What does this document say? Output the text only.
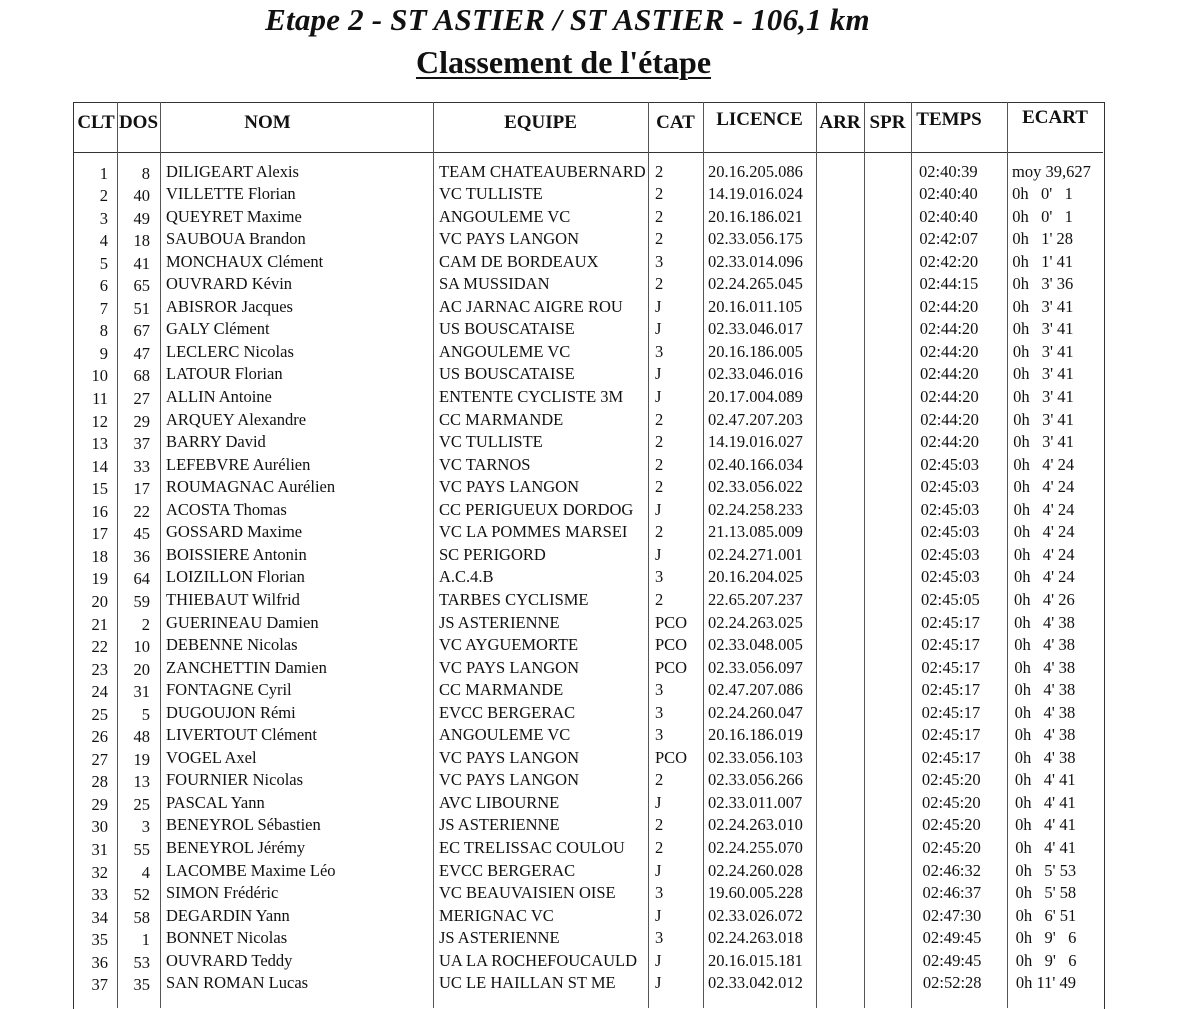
Etape 2 - ST ASTIER / ST ASTIER - 106,1 km
Classement de l'étape
CLT DOS	NOM	EQUIPE	CAT	LICENCE ARR SPR TEMPS	ECART
1	8 DILIGEART Alexis	TEAM CHATEAUBERNARD 2	20.16.205.086	02:40:39	moy 39,627
2	40 VILLETTE Florian	VC TULLISTE	2	14.19.016.024	02:40:40	0h   0'   1
3	49 QUEYRET Maxime	ANGOULEME VC	2	20.16.186.021	02:40:40	0h   0'   1
4	18 SAUBOUA Brandon	VC PAYS LANGON	2	02.33.056.175	02:42:07	0h   1' 28
5	41 MONCHAUX Clément	CAM DE BORDEAUX	3	02.33.014.096	02:42:20	0h   1' 41
6	65 OUVRARD Kévin	SA MUSSIDAN	2	02.24.265.045	02:44:15	0h   3' 36
7	51 ABISROR Jacques	AC JARNAC AIGRE ROU	J	20.16.011.105	02:44:20	0h   3' 41
8	67 GALY Clément	US BOUSCATAISE	J	02.33.046.017	02:44:20	0h   3' 41
9	47 LECLERC Nicolas	ANGOULEME VC	3	20.16.186.005	02:44:20	0h   3' 41
10	68 LATOUR Florian	US BOUSCATAISE	J	02.33.046.016	02:44:20	0h   3' 41
11	27 ALLIN Antoine	ENTENTE CYCLISTE 3M	J	20.17.004.089	02:44:20	0h   3' 41
12	29 ARQUEY Alexandre	CC MARMANDE	2	02.47.207.203	02:44:20	0h   3' 41
13	37 BARRY David	VC TULLISTE	2	14.19.016.027	02:44:20	0h   3' 41
14	33 LEFEBVRE Aurélien	VC TARNOS	2	02.40.166.034	02:45:03	0h   4' 24
15	17 ROUMAGNAC Aurélien	VC PAYS LANGON	2	02.33.056.022	02:45:03	0h   4' 24
16	22 ACOSTA Thomas	CC PERIGUEUX DORDOG	J	02.24.258.233	02:45:03	0h   4' 24
17	45 GOSSARD Maxime	VC LA POMMES MARSEI	2	21.13.085.009	02:45:03	0h   4' 24
18	36 BOISSIERE Antonin	SC PERIGORD	J	02.24.271.001	02:45:03	0h   4' 24
19	64 LOIZILLON Florian	A.C.4.B	3	20.16.204.025	02:45:03	0h   4' 24
20	59 THIEBAUT Wilfrid	TARBES CYCLISME	2	22.65.207.237	02:45:05	0h   4' 26
21	2 GUERINEAU Damien	JS ASTERIENNE	PCO	02.24.263.025	02:45:17	0h   4' 38
22	10 DEBENNE Nicolas	VC AYGUEMORTE	PCO	02.33.048.005	02:45:17	0h   4' 38
23	20 ZANCHETTIN Damien	VC PAYS LANGON	PCO	02.33.056.097	02:45:17	0h   4' 38
24	31 FONTAGNE Cyril	CC MARMANDE	3	02.47.207.086	02:45:17	0h   4' 38
25	5 DUGOUJON Rémi	EVCC BERGERAC	3	02.24.260.047	02:45:17	0h   4' 38
26	48 LIVERTOUT Clément	ANGOULEME VC	3	20.16.186.019	02:45:17	0h   4' 38
27	19 VOGEL Axel	VC PAYS LANGON	PCO	02.33.056.103	02:45:17	0h   4' 38
28	13 FOURNIER Nicolas	VC PAYS LANGON	2	02.33.056.266	02:45:20	0h   4' 41
29	25 PASCAL Yann	AVC LIBOURNE	J	02.33.011.007	02:45:20	0h   4' 41
30	3 BENEYROL Sébastien	JS ASTERIENNE	2	02.24.263.010	02:45:20	0h   4' 41
31	55 BENEYROL Jérémy	EC TRELISSAC COULOU	2	02.24.255.070	02:45:20	0h   4' 41
32	4 LACOMBE Maxime Léo	EVCC BERGERAC	J	02.24.260.028	02:46:32	0h   5' 53
33	52 SIMON Frédéric	VC BEAUVAISIEN OISE	3	19.60.005.228	02:46:37	0h   5' 58
34	58 DEGARDIN Yann	MERIGNAC VC	J	02.33.026.072	02:47:30	0h   6' 51
35	1 BONNET Nicolas	JS ASTERIENNE	3	02.24.263.018	02:49:45	0h   9'   6
36	53 OUVRARD Teddy	UA LA ROCHEFOUCAULD	J	20.16.015.181	02:49:45	0h   9'   6
37	35 SAN ROMAN Lucas	UC LE HAILLAN ST ME	J	02.33.042.012	02:52:28	0h 11' 49
